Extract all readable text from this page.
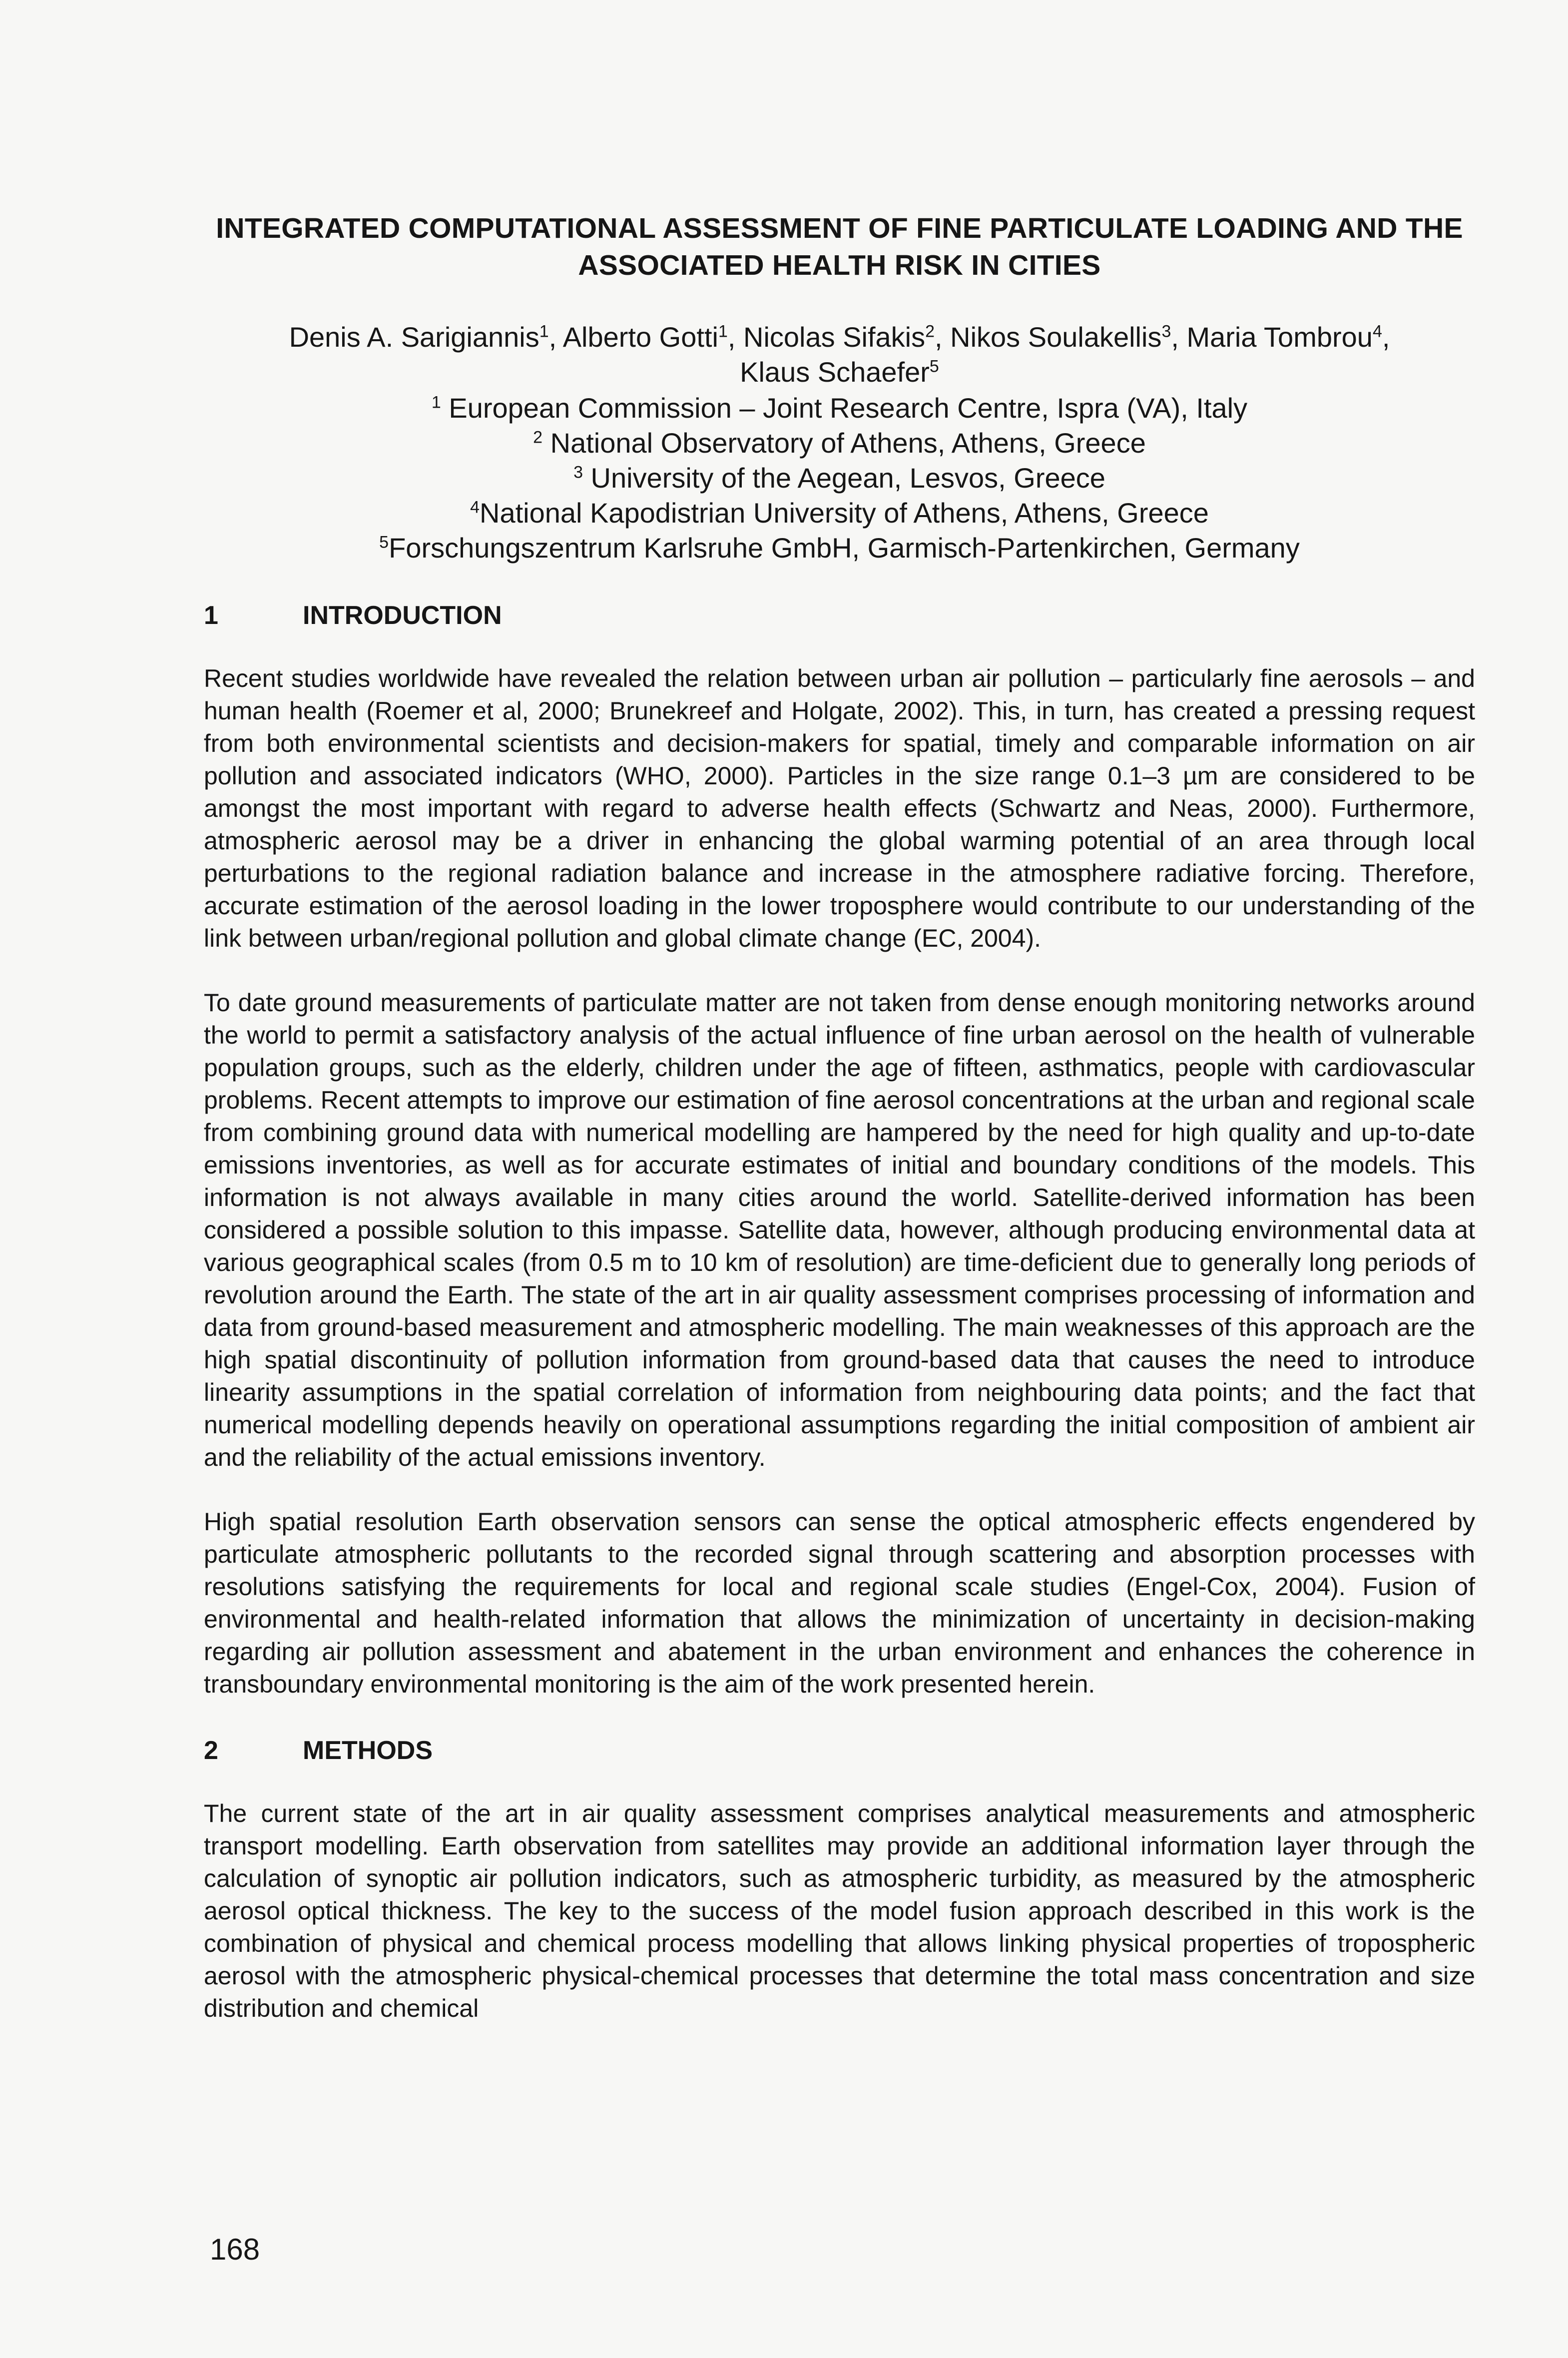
INTEGRATED COMPUTATIONAL ASSESSMENT OF FINE PARTICULATE LOADING AND THE ASSOCIATED HEALTH RISK IN CITIES
Denis A. Sarigiannis$^1$, Alberto Gotti$^1$, Nicolas Sifakis$^2$, Nikos Soulakellis$^3$, Maria Tombrou$^4$,
Klaus Schaefer$^5$
$^1$ European Commission – Joint Research Centre, Ispra (VA), Italy
$^2$ National Observatory of Athens, Athens, Greece
$^3$ University of the Aegean, Lesvos, Greece
$^4$National Kapodistrian University of Athens, Athens, Greece
$^5$Forschungszentrum Karlsruhe GmbH, Garmisch-Partenkirchen, Germany
1	INTRODUCTION

Recent studies worldwide have revealed the relation between urban air pollution – particularly fine aerosols – and human health (Roemer et al, 2000; Brunekreef and Holgate, 2002). This, in turn, has created a pressing request from both environmental scientists and decision-makers for spatial, timely and comparable information on air pollution and associated indicators (WHO, 2000). Particles in the size range 0.1–3 µm are considered to be amongst the most important with regard to adverse health effects (Schwartz and Neas, 2000). Furthermore, atmospheric aerosol may be a driver in enhancing the global warming potential of an area through local perturbations to the regional radiation balance and increase in the atmosphere radiative forcing. Therefore, accurate estimation of the aerosol loading in the lower troposphere would contribute to our understanding of the link between urban/regional pollution and global climate change (EC, 2004).

To date ground measurements of particulate matter are not taken from dense enough monitoring networks around the world to permit a satisfactory analysis of the actual influence of fine urban aerosol on the health of vulnerable population groups, such as the elderly, children under the age of fifteen, asthmatics, people with cardiovascular problems. Recent attempts to improve our estimation of fine aerosol concentrations at the urban and regional scale from combining ground data with numerical modelling are hampered by the need for high quality and up-to-date emissions inventories, as well as for accurate estimates of initial and boundary conditions of the models. This information is not always available in many cities around the world. Satellite-derived information has been considered a possible solution to this impasse. Satellite data, however, although producing environmental data at various geographical scales (from 0.5 m to 10 km of resolution) are time-deficient due to generally long periods of revolution around the Earth. The state of the art in air quality assessment comprises processing of information and data from ground-based measurement and atmospheric modelling. The main weaknesses of this approach are the high spatial discontinuity of pollution information from ground-based data that causes the need to introduce linearity assumptions in the spatial correlation of information from neighbouring data points; and the fact that numerical modelling depends heavily on operational assumptions regarding the initial composition of ambient air and the reliability of the actual emissions inventory.

High spatial resolution Earth observation sensors can sense the optical atmospheric effects engendered by particulate atmospheric pollutants to the recorded signal through scattering and absorption processes with resolutions satisfying the requirements for local and regional scale studies (Engel-Cox, 2004). Fusion of environmental and health-related information that allows the minimization of uncertainty in decision-making regarding air pollution assessment and abatement in the urban environment and enhances the coherence in transboundary environmental monitoring is the aim of the work presented herein.

2	METHODS

The current state of the art in air quality assessment comprises analytical measurements and atmospheric transport modelling. Earth observation from satellites may provide an additional information layer through the calculation of synoptic air pollution indicators, such as atmospheric turbidity, as measured by the atmospheric aerosol optical thickness. The key to the success of the model fusion approach described in this work is the combination of physical and chemical process modelling that allows linking physical properties of tropospheric aerosol with the atmospheric physical-chemical processes that determine the total mass concentration and size distribution and chemical

168
